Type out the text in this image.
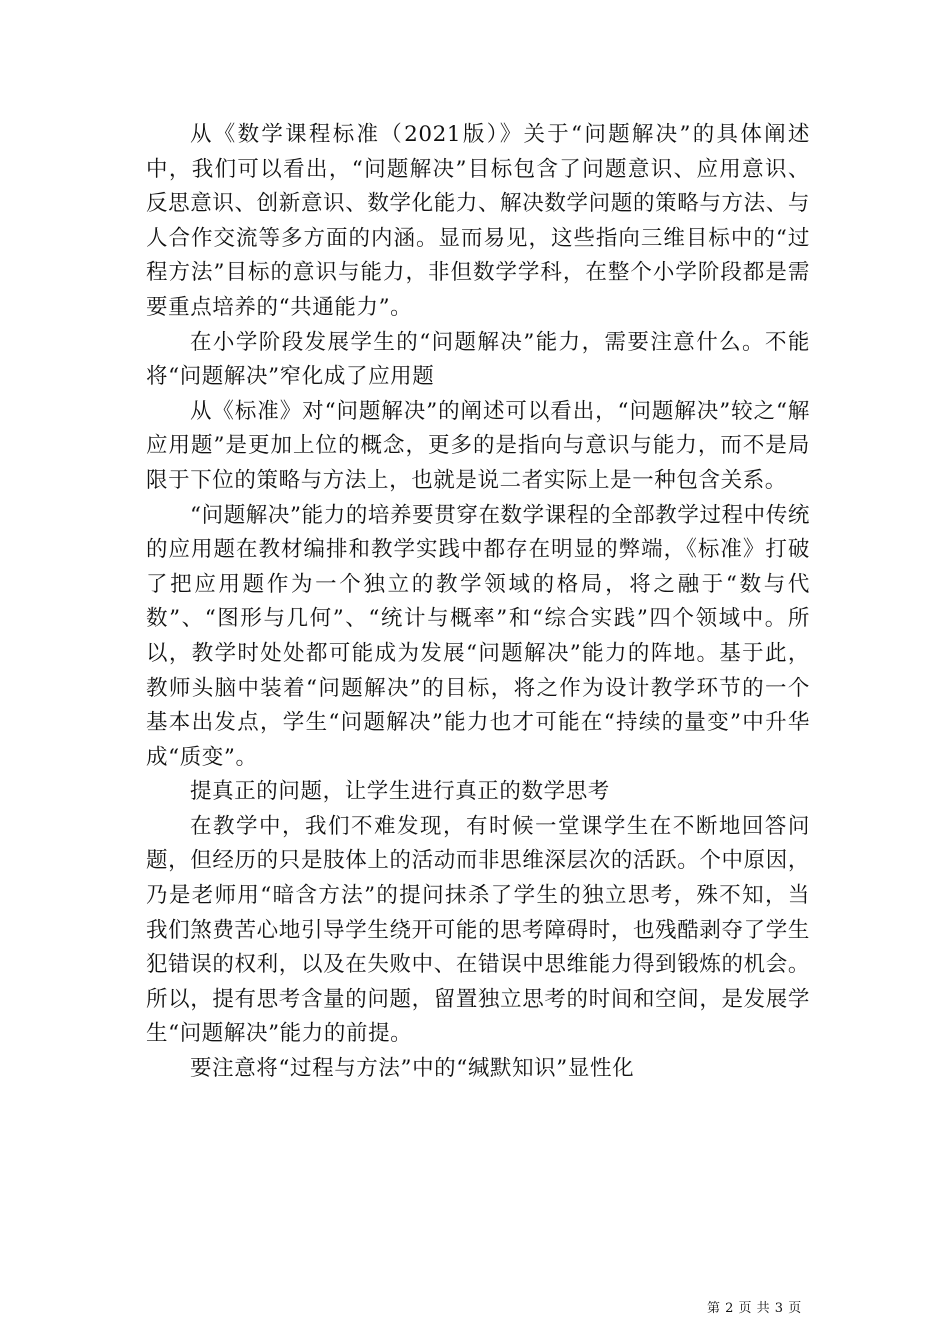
从《数学课程标准（2021版）》关于“问题解决”的具体阐述中，我们可以看出，“问题解决”目标包含了问题意识、应用意识、反思意识、创新意识、数学化能力、解决数学问题的策略与方法、与人合作交流等多方面的内涵。显而易见，这些指向三维目标中的“过程方法”目标的意识与能力，非但数学学科，在整个小学阶段都是需要重点培养的“共通能力”。

在小学阶段发展学生的“问题解决”能力，需要注意什么。不能将“问题解决”窄化成了应用题

从《标准》对“问题解决”的阐述可以看出，“问题解决”较之“解应用题”是更加上位的概念，更多的是指向与意识与能力，而不是局限于下位的策略与方法上，也就是说二者实际上是一种包含关系。

“问题解决”能力的培养要贯穿在数学课程的全部教学过程中传统的应用题在教材编排和教学实践中都存在明显的弊端，《标准》打破了把应用题作为一个独立的教学领域的格局，将之融于“数与代数”、“图形与几何”、“统计与概率”和“综合实践”四个领域中。所以，教学时处处都可能成为发展“问题解决”能力的阵地。基于此，教师头脑中装着“问题解决”的目标，将之作为设计教学环节的一个基本出发点，学生“问题解决”能力也才可能在“持续的量变”中升华成“质变”。

提真正的问题，让学生进行真正的数学思考

在教学中，我们不难发现，有时候一堂课学生在不断地回答问题，但经历的只是肢体上的活动而非思维深层次的活跃。个中原因，乃是老师用“暗含方法”的提问抹杀了学生的独立思考，殊不知，当我们煞费苦心地引导学生绕开可能的思考障碍时，也残酷剥夺了学生犯错误的权利，以及在失败中、在错误中思维能力得到锻炼的机会。所以，提有思考含量的问题，留置独立思考的时间和空间，是发展学生“问题解决”能力的前提。

要注意将“过程与方法”中的“缄默知识”显性化

第 2 页 共 3 页
